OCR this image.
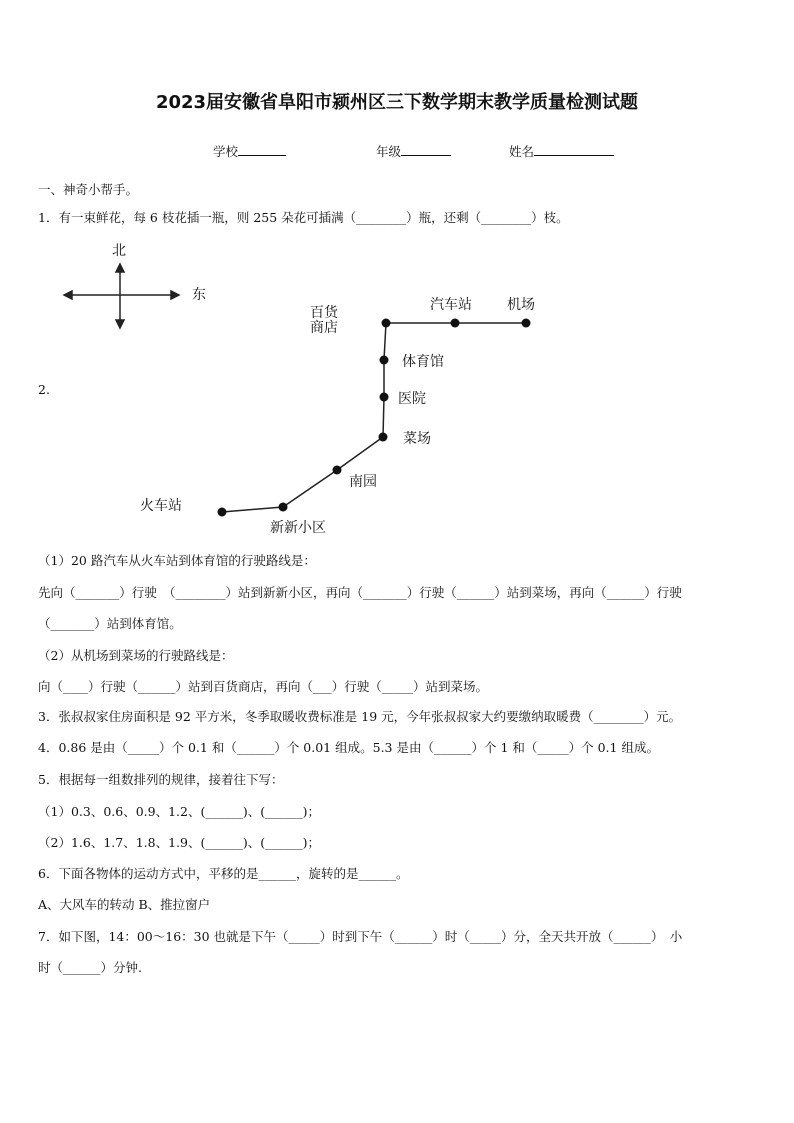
2023届安徽省阜阳市颍州区三下数学期末教学质量检测试题
学校	年级	姓名
一、神奇小帮手。
1．有一束鲜花，每 6 枝花插一瓶，则 255 朵花可插满（________）瓶，还剩（________）枝。
北
东
百货
商店
汽车站	机场
体育馆
医院
菜场
南园
火车站
新新小区
2.
（1）20 路汽车从火车站到体育馆的行驶路线是：
先向（_______）行驶　（________）站到新新小区，再向（_______）行驶（______）站到菜场，再向（______）行驶
（_______）站到体育馆。
（2）从机场到菜场的行驶路线是：
向（____）行驶（______）站到百货商店，再向（___）行驶（_____）站到菜场。
3．张叔叔家住房面积是 92 平方米，冬季取暖收费标准是 19 元，今年张叔叔家大约要缴纳取暖费（________）元。
4．0.86 是由（_____）个 0.1 和（______）个 0.01 组成。5.3 是由（______）个 1 和（_____）个 0.1 组成。
5．根据每一组数排列的规律，接着往下写：
（1）0.3、0.6、0.9、1.2、(______)、(______)；
（2）1.6、1.7、1.8、1.9、(______)、(______)；
6．下面各物体的运动方式中，平移的是______，旋转的是______。
A、大风车的转动 B、推拉窗户
7．如下图，14：00～16：30 也就是下午（_____）时到下午（______）时（_____）分，全天共开放（______）　小
时（______）分钟.
